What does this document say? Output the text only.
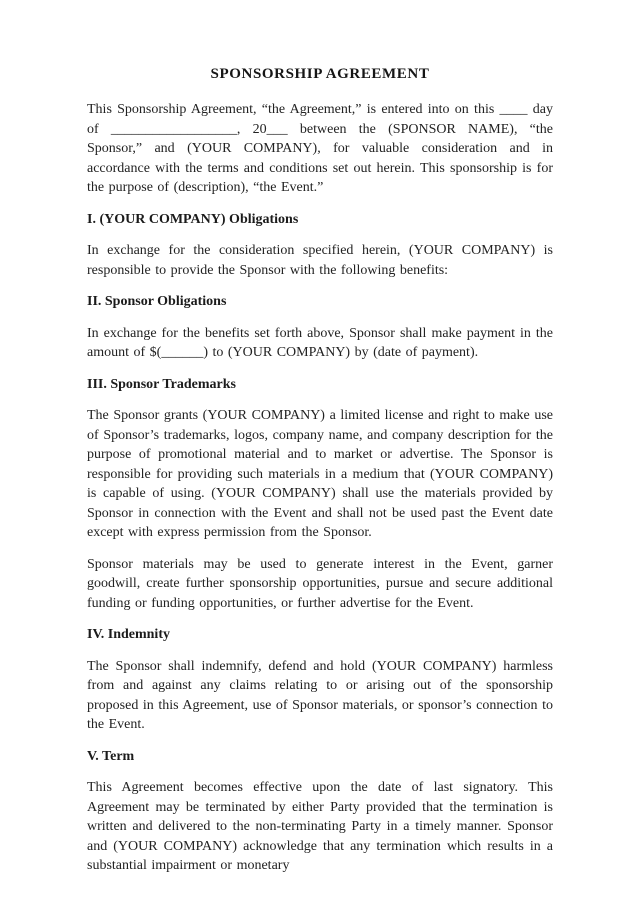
SPONSORSHIP AGREEMENT

This Sponsorship Agreement, “the Agreement,” is entered into on this ____ day of __________________, 20___ between the (SPONSOR NAME), “the Sponsor,” and (YOUR COMPANY), for valuable consideration and in accordance with the terms and conditions set out herein. This sponsorship is for the purpose of (description), “the Event.”

I. (YOUR COMPANY) Obligations

In exchange for the consideration specified herein, (YOUR COMPANY) is responsible to provide the Sponsor with the following benefits:

II. Sponsor Obligations

In exchange for the benefits set forth above, Sponsor shall make payment in the amount of $(______) to (YOUR COMPANY) by (date of payment).

III. Sponsor Trademarks

The Sponsor grants (YOUR COMPANY) a limited license and right to make use of Sponsor’s trademarks, logos, company name, and company description for the purpose of promotional material and to market or advertise. The Sponsor is responsible for providing such materials in a medium that (YOUR COMPANY) is capable of using. (YOUR COMPANY) shall use the materials provided by Sponsor in connection with the Event and shall not be used past the Event date except with express permission from the Sponsor.

Sponsor materials may be used to generate interest in the Event, garner goodwill, create further sponsorship opportunities, pursue and secure additional funding or funding opportunities, or further advertise for the Event.

IV. Indemnity

The Sponsor shall indemnify, defend and hold (YOUR COMPANY) harmless from and against any claims relating to or arising out of the sponsorship proposed in this Agreement, use of Sponsor materials, or sponsor’s connection to the Event.

V. Term

This Agreement becomes effective upon the date of last signatory. This Agreement may be terminated by either Party provided that the termination is written and delivered to the non-terminating Party in a timely manner. Sponsor and (YOUR COMPANY) acknowledge that any termination which results in a substantial impairment or monetary
